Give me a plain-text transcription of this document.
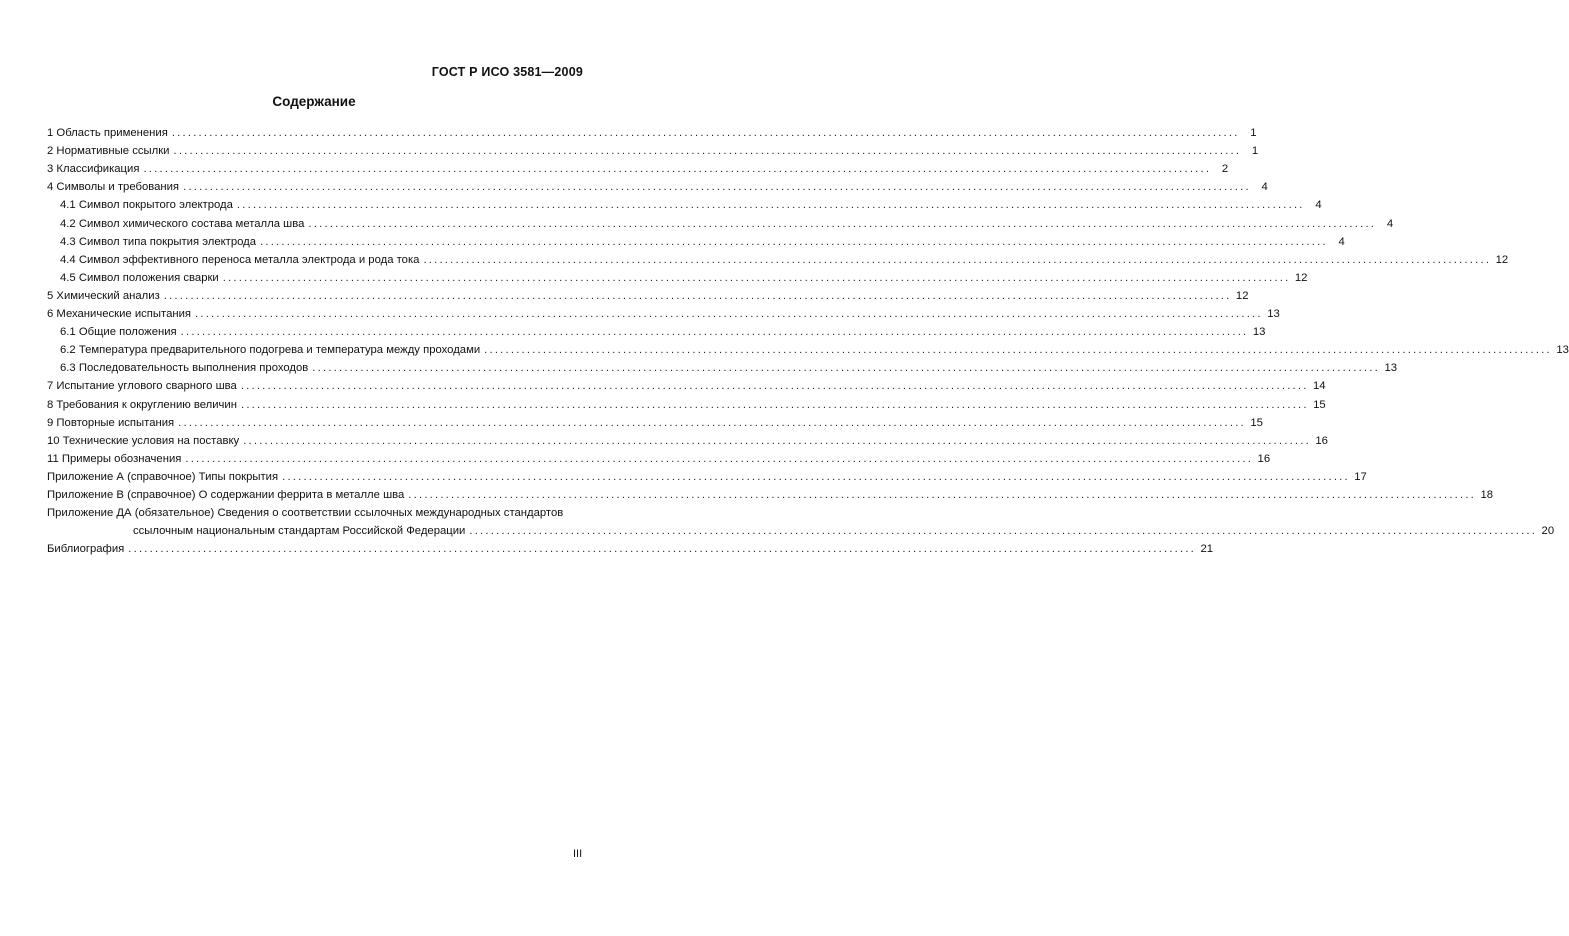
ГОСТ Р ИСО 3581—2009
Содержание
1 Область применения ........................................................................................................................................................................................................ 1
2 Нормативные ссылки ........................................................................................................................................................................................................ 1
3 Классификация ........................................................................................................................................................................................................ 2
4 Символы и требования ........................................................................................................................................................................................................ 4
4.1 Символ покрытого электрода ........................................................................................................................................................................................................ 4
4.2 Символ химического состава металла шва ........................................................................................................................................................................................................ 4
4.3 Символ типа покрытия электрода ........................................................................................................................................................................................................ 4
4.4 Символ эффективного переноса металла электрода и рода тока ........................................................................................................................................................................................................ 12
4.5 Символ положения сварки ........................................................................................................................................................................................................ 12
5 Химический анализ ........................................................................................................................................................................................................ 12
6 Механические испытания ........................................................................................................................................................................................................ 13
6.1 Общие положения ........................................................................................................................................................................................................ 13
6.2 Температура предварительного подогрева и температура между проходами ........................................................................................................................................................................................................ 13
6.3 Последовательность выполнения проходов ........................................................................................................................................................................................................ 13
7 Испытание углового сварного шва ........................................................................................................................................................................................................ 14
8 Требования к округлению величин ........................................................................................................................................................................................................ 15
9 Повторные испытания ........................................................................................................................................................................................................ 15
10 Технические условия на поставку ........................................................................................................................................................................................................ 16
11 Примеры обозначения ........................................................................................................................................................................................................ 16
Приложение А (справочное) Типы покрытия ........................................................................................................................................................................................................ 17
Приложение В (справочное) О содержании феррита в металле шва ........................................................................................................................................................................................................ 18
Приложение ДА (обязательное) Сведения о соответствии ссылочных международных стандартов
ссылочным национальным стандартам Российской Федерации ........................................................................................................................................................................................................ 20
Библиография ........................................................................................................................................................................................................ 21
III
